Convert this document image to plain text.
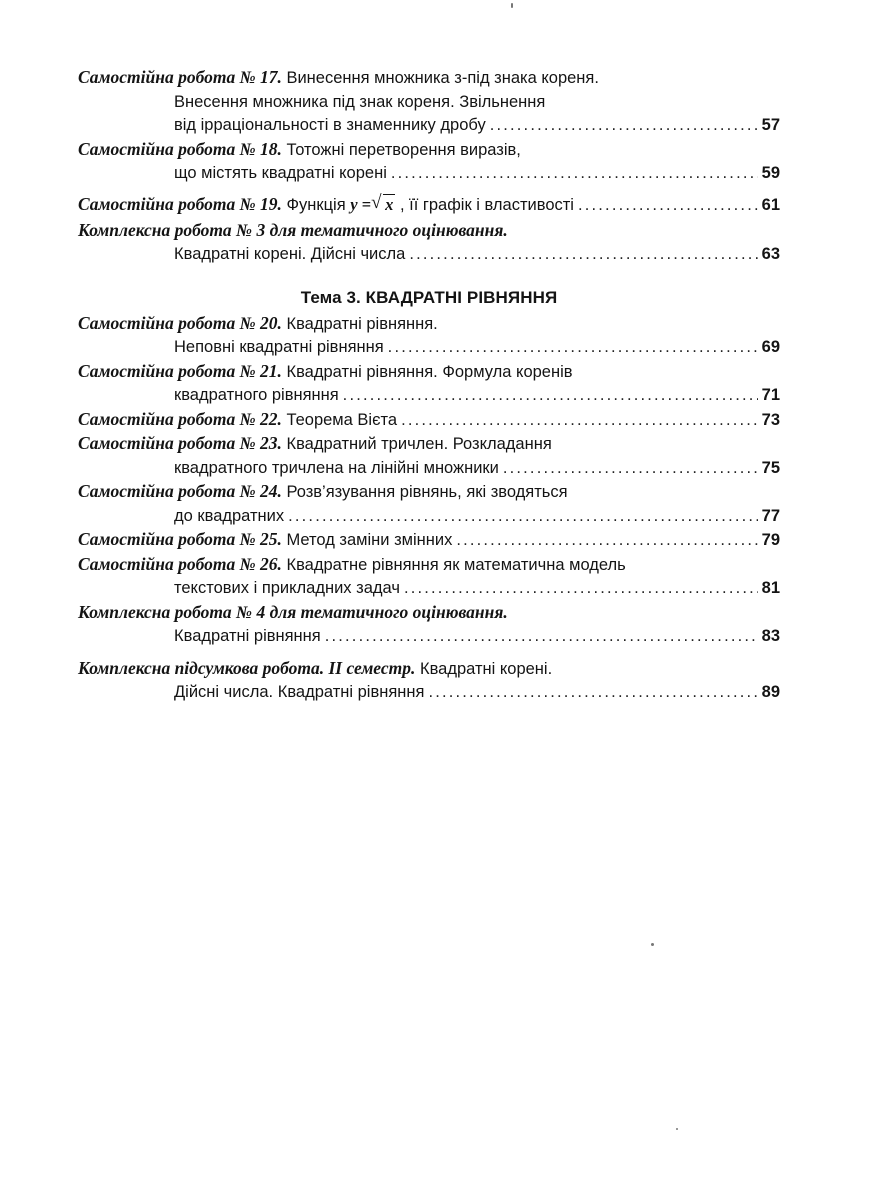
Самостійна робота № 17. Винесення множника з-під знака кореня.
Внесення множника під знак кореня. Звільнення
від ірраціональності в знаменнику дробу . . .	57
Самостійна робота № 18. Тотожні перетворення виразів,
що містять квадратні корені . . .	59
Самостійна робота № 19. Функція y = √ x , її графік і властивості . . .	61
Комплексна робота № 3 для тематичного оцінювання.
Квадратні корені. Дійсні числа . . .	63
Тема 3. КВАДРАТНІ РІВНЯННЯ
Самостійна робота № 20. Квадратні рівняння.
Неповні квадратні рівняння . . .	69
Самостійна робота № 21. Квадратні рівняння. Формула коренів
квадратного рівняння . . .	71
Самостійна робота № 22. Теорема Вієта . . .	73
Самостійна робота № 23. Квадратний тричлен. Розкладання
квадратного тричлена на лінійні множники . . .	75
Самостійна робота № 24. Розв’язування рівнянь, які зводяться
до квадратних . . .	77
Самостійна робота № 25. Метод заміни змінних . . .	79
Самостійна робота № 26. Квадратне рівняння як математична модель
текстових і прикладних задач . . .	81
Комплексна робота № 4 для тематичного оцінювання.
Квадратні рівняння . . .	83
Комплексна підсумкова робота. II семестр. Квадратні корені.
Дійсні числа. Квадратні рівняння . . .	89
